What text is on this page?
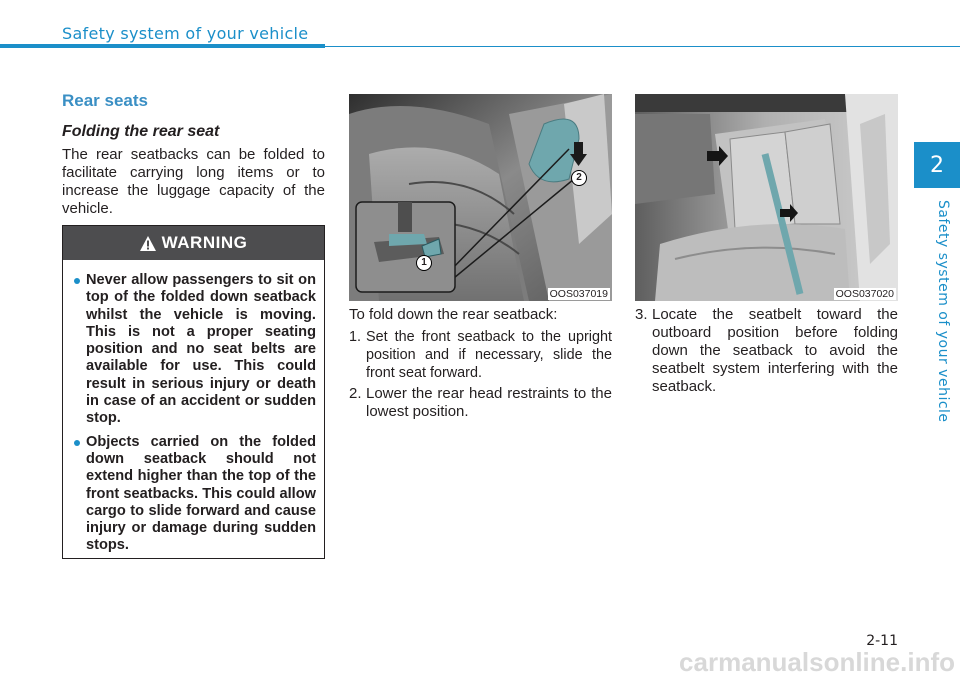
Safety system of your vehicle
2
Safety system of your vehicle
Rear seats
Folding the rear seat
The rear seatbacks can be folded to facilitate carrying long items or to increase the luggage capacity of the vehicle.
WARNING
Never allow passengers to sit on top of the folded down seatback whilst the vehicle is moving. This is not a proper seating position and no seat belts are available for use. This could result in serious injury or death in case of an accident or sudden stop.
Objects carried on the folded down seatback should not extend higher than the top of the front seatbacks. This could allow cargo to slide forward and cause injury or damage during sudden stops.
1
2
OOS037019	OOS037020
To fold down the rear seatback:
1. Set the front seatback to the upright position and if necessary, slide the front seat forward.
2. Lower the rear head restraints to the lowest position.
3. Locate the seatbelt toward the outboard position before folding down the seatback to avoid the seatbelt system interfering with the seatback.
2-11
carmanualsonline.info
